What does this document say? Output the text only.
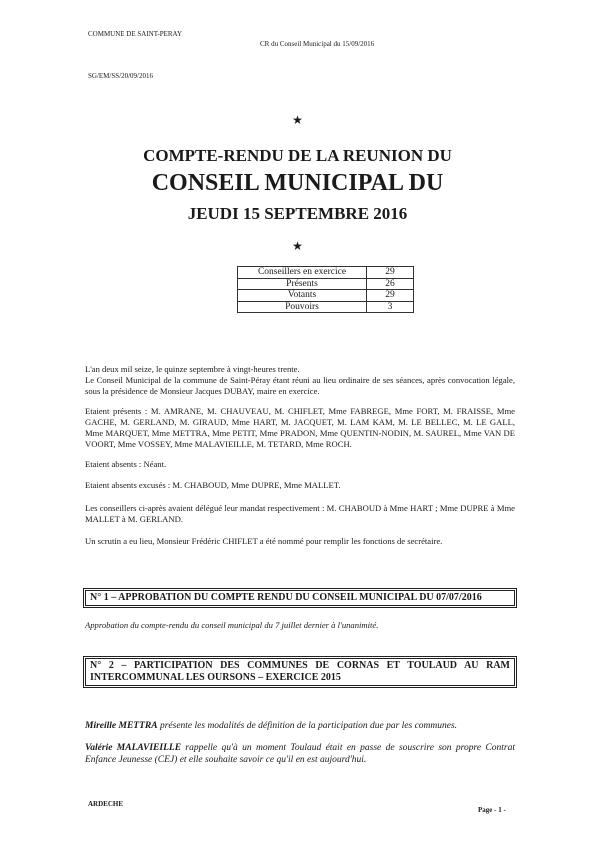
COMMUNE DE SAINT-PERAY
CR du Conseil Municipal du 15/09/2016
SG/EM/SS/20/09/2016
★
COMPTE-RENDU DE LA REUNION DU
CONSEIL MUNICIPAL DU
JEUDI 15 SEPTEMBRE 2016
★
Conseillers en exercice	29
Présents	26
Votants	29
Pouvoirs	3
L'an deux mil seize, le quinze septembre à vingt-heures trente.
Le Conseil Municipal de la commune de Saint-Péray étant réuni au lieu ordinaire de ses séances, après convocation légale, sous la présidence de Monsieur Jacques DUBAY, maire en exercice.
Etaient présents : M. AMRANE, M. CHAUVEAU, M. CHIFLET, Mme FABREGE, Mme FORT, M. FRAISSE, Mme GACHE, M. GERLAND, M. GIRAUD, Mme HART, M. JACQUET, M. LAM KAM, M. LE BELLEC, M. LE GALL, Mme MARQUET, Mme METTRA, Mme PETIT, Mme PRADON, Mme QUENTIN-NODIN, M. SAUREL, Mme VAN DE VOORT, Mme VOSSEY, Mme MALAVIEILLE, M. TETARD, Mme ROCH.
Etaient absents : Néant.
Etaient absents excusés : M. CHABOUD, Mme DUPRE, Mme MALLET.
Les conseillers ci-après avaient délégué leur mandat respectivement : M. CHABOUD à Mme HART ; Mme DUPRE à Mme MALLET à M. GERLAND.
Un scrutin a eu lieu, Monsieur Frédéric CHIFLET a été nommé pour remplir les fonctions de secrétaire.
N° 1 – APPROBATION DU COMPTE RENDU DU CONSEIL MUNICIPAL DU 07/07/2016
Approbation du compte-rendu du conseil municipal du 7 juillet dernier à l'unanimité.
N° 2 – PARTICIPATION DES COMMUNES DE CORNAS ET TOULAUD AU RAM
INTERCOMMUNAL LES OURSONS – EXERCICE 2015
Mireille METTRA présente les modalités de définition de la participation due par les communes.
Valérie MALAVIEILLE rappelle qu'à un moment Toulaud était en passe de souscrire son propre Contrat Enfance Jeunesse (CEJ) et elle souhaite savoir ce qu'il en est aujourd'hui.
ARDECHE
Page - 1 -
